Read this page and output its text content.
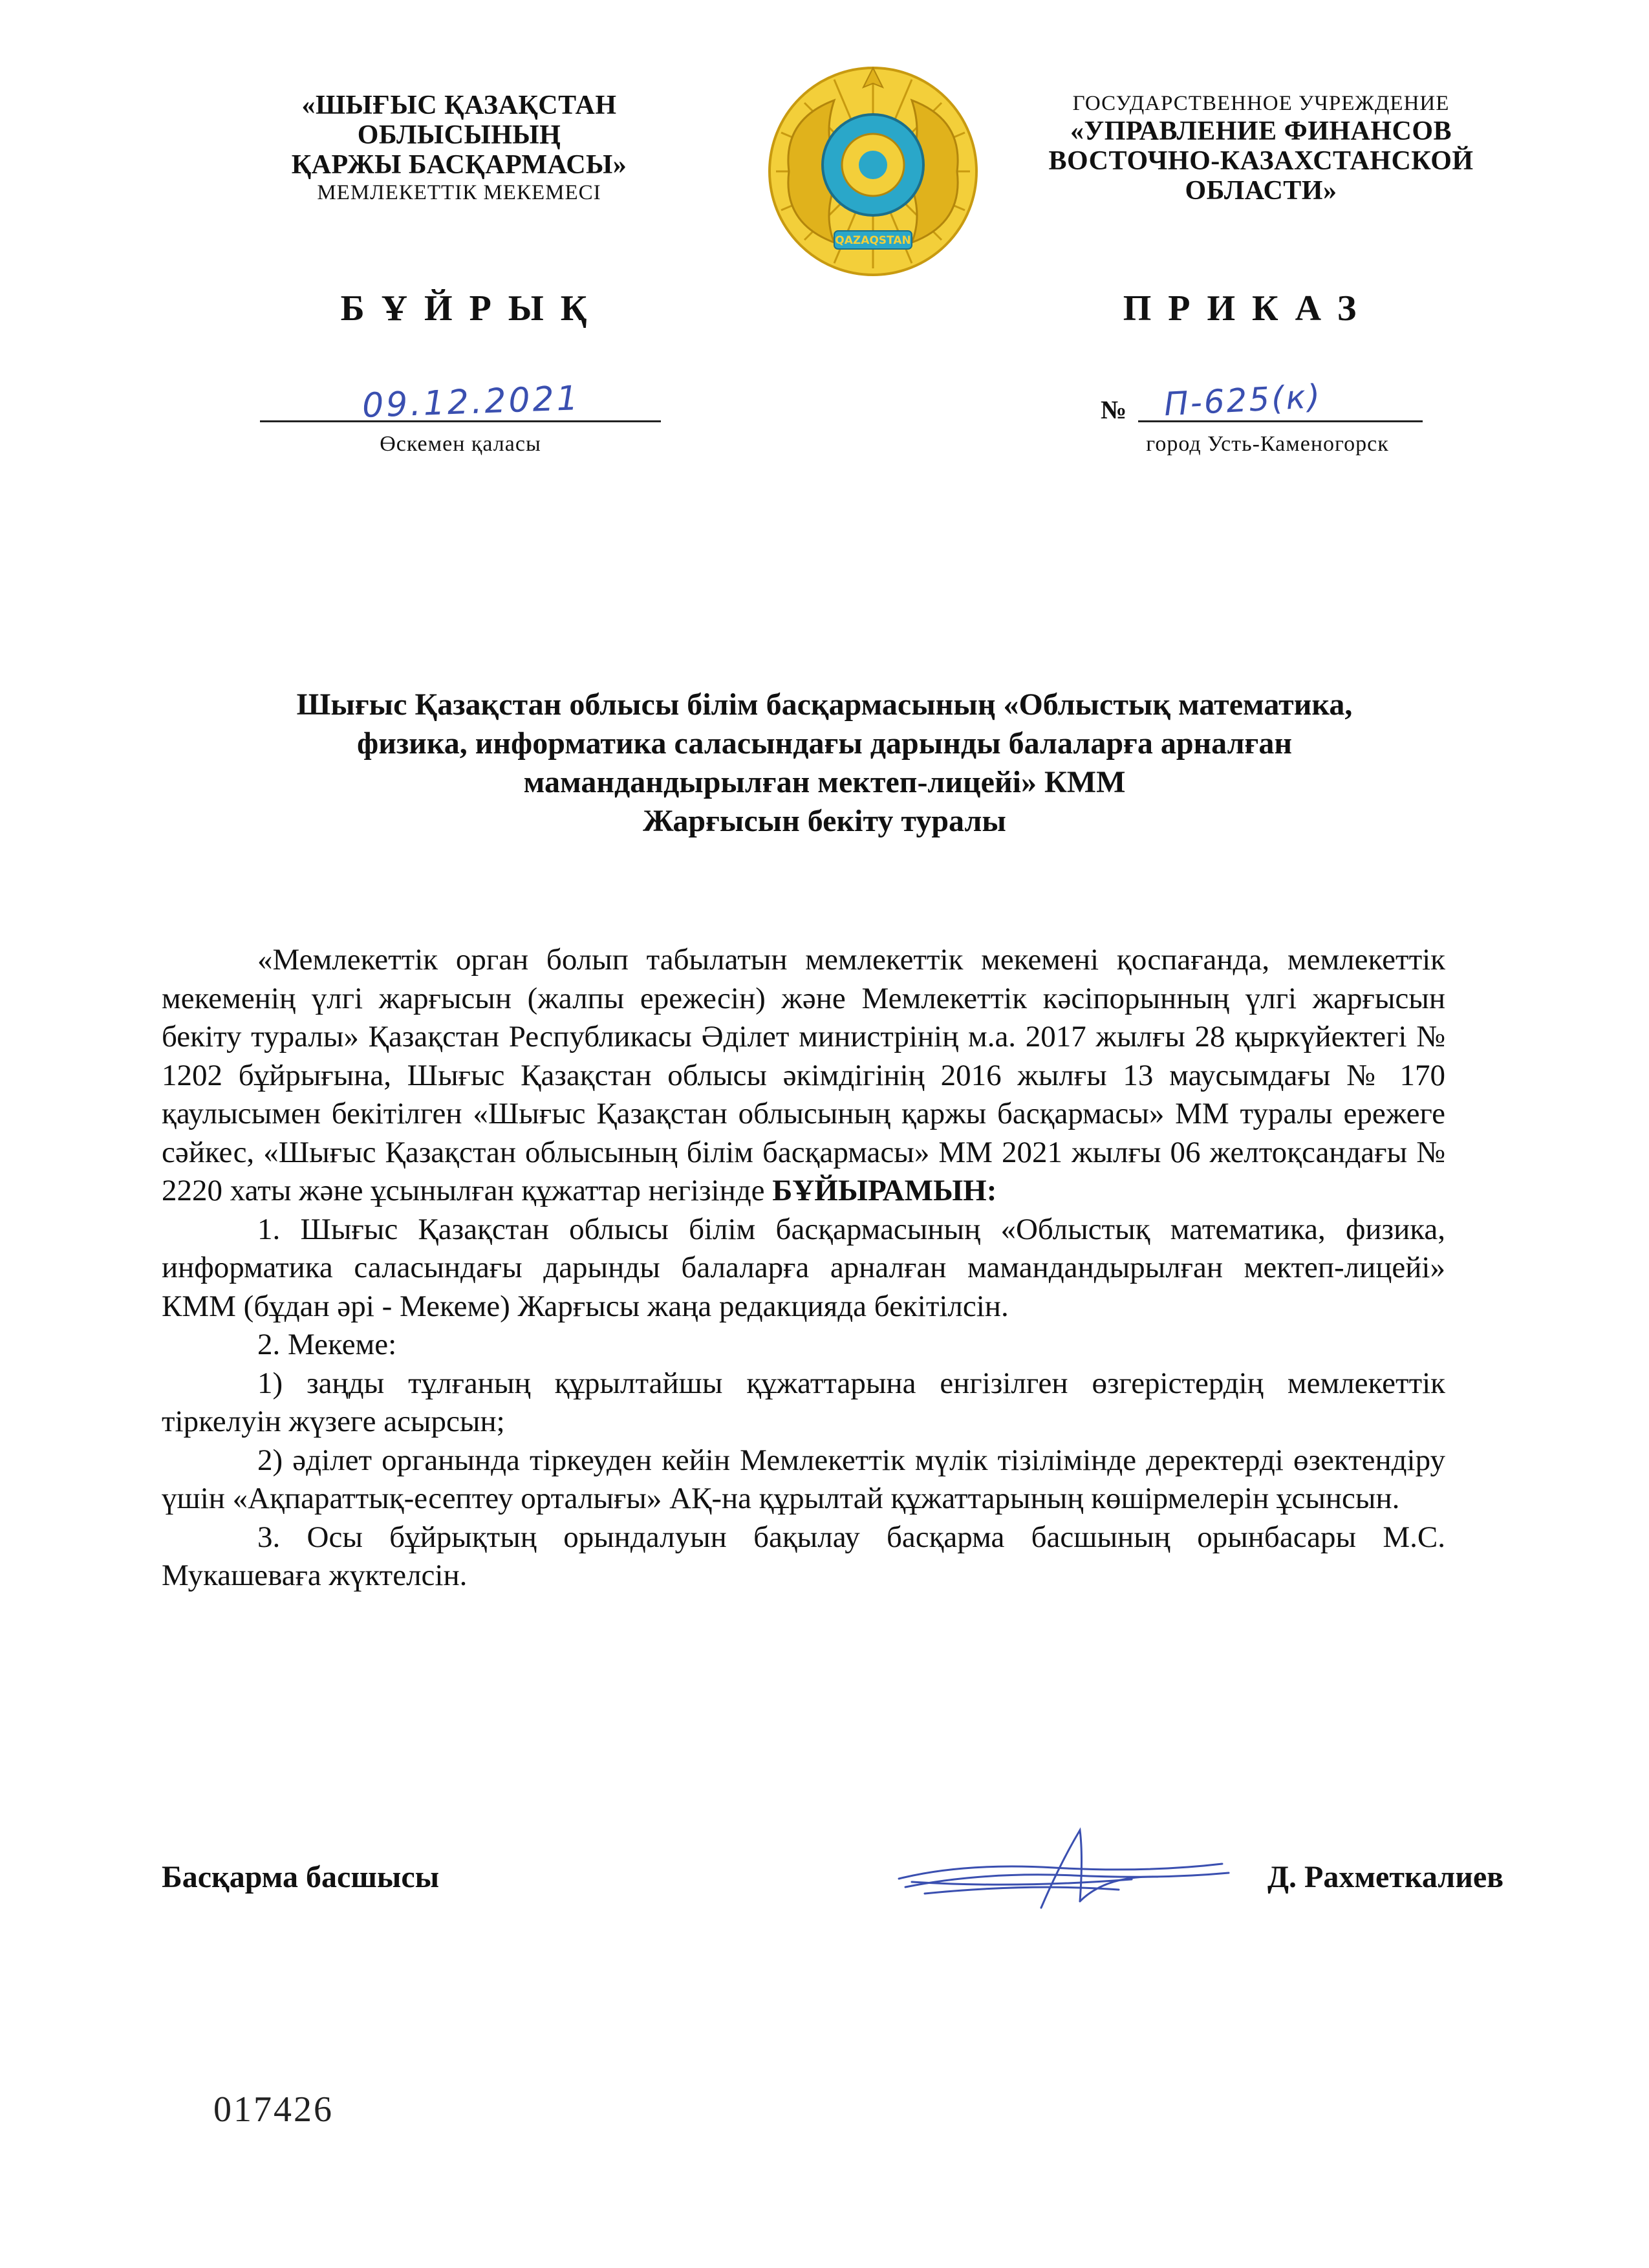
«ШЫҒЫС ҚАЗАҚСТАН
ОБЛЫСЫНЫҢ
ҚАРЖЫ БАСҚАРМАСЫ»
МЕМЛЕКЕТТІК МЕКЕМЕСІ
QAZAQSTAN
ГОСУДАРСТВЕННОЕ УЧРЕЖДЕНИЕ
«УПРАВЛЕНИЕ ФИНАНСОВ
ВОСТОЧНО-КАЗАХСТАНСКОЙ
ОБЛАСТИ»
БҰЙРЫҚ	ПРИКАЗ
09.12.2021
Өскемен қаласы
№ П-625(к)
город Усть-Каменогорск
Шығыс Қазақстан облысы білім басқармасының «Облыстық математика,
физика, информатика саласындағы дарынды балаларға арналған
мамандандырылған мектеп-лицейі» КММ
Жарғысын бекіту туралы

«Мемлекеттік орган болып табылатын мемлекеттік мекемені қоспағанда, мемлекеттік мекеменің үлгі жарғысын (жалпы ережесін) және Мемлекеттік кәсіпорынның үлгі жарғысын бекіту туралы» Қазақстан Республикасы Әділет министрінің м.а. 2017 жылғы 28 қыркүйектегі № 1202 бұйрығына, Шығыс Қазақстан облысы әкімдігінің 2016 жылғы 13 маусымдағы № 170 қаулысымен бекітілген «Шығыс Қазақстан облысының қаржы басқармасы» ММ туралы ережеге сәйкес, «Шығыс Қазақстан облысының білім басқармасы» ММ 2021 жылғы 06 желтоқсандағы № 2220 хаты және ұсынылған құжаттар негізінде БҰЙЫРАМЫН:

1. Шығыс Қазақстан облысы білім басқармасының «Облыстық математика, физика, информатика саласындағы дарынды балаларға арналған мамандандырылған мектеп-лицейі» КММ (бұдан әрі - Мекеме) Жарғысы жаңа редакцияда бекітілсін.

2. Мекеме:

1) заңды тұлғаның құрылтайшы құжаттарына енгізілген өзгерістердің мемлекеттік тіркелуін жүзеге асырсын;

2) әділет органында тіркеуден кейін Мемлекеттік мүлік тізілімінде деректерді өзектендіру үшін «Ақпараттық-есептеу орталығы» АҚ-на құрылтай құжаттарының көшірмелерін ұсынсын.

3. Осы бұйрықтың орындалуын бақылау басқарма басшының орынбасары М.С. Мукашеваға жүктелсін.

Басқарма басшысы	Д. Рахметкалиев
017426
